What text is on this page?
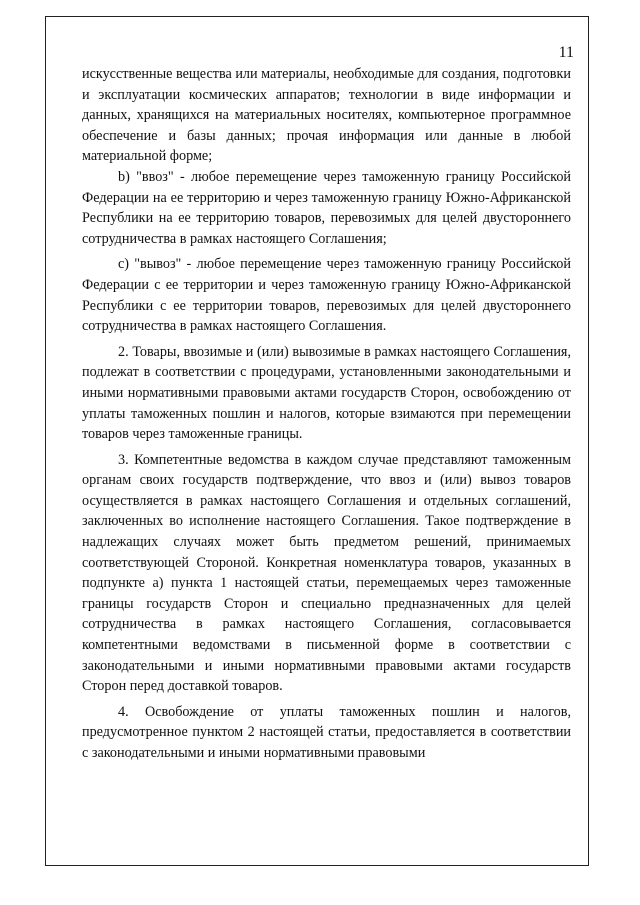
11

искусственные вещества или материалы, необходимые для создания, подготовки и эксплуатации космических аппаратов; технологии в виде информации и данных, хранящихся на материальных носителях, компьютерное программное обеспечение и базы данных; прочая информация или данные в любой материальной форме;

b) "ввоз" - любое перемещение через таможенную границу Российской Федерации на ее территорию и через таможенную границу Южно-Африканской Республики на ее территорию товаров, перевозимых для целей двустороннего сотрудничества в рамках настоящего Соглашения;

c) "вывоз" - любое перемещение через таможенную границу Российской Федерации с ее территории и через таможенную границу Южно-Африканской Республики с ее территории товаров, перевозимых для целей двустороннего сотрудничества в рамках настоящего Соглашения.

2. Товары, ввозимые и (или) вывозимые в рамках настоящего Соглашения, подлежат в соответствии с процедурами, установленными законодательными и иными нормативными правовыми актами государств Сторон, освобождению от уплаты таможенных пошлин и налогов, которые взимаются при перемещении товаров через таможенные границы.

3. Компетентные ведомства в каждом случае представляют таможенным органам своих государств подтверждение, что ввоз и (или) вывоз товаров осуществляется в рамках настоящего Соглашения и отдельных соглашений, заключенных во исполнение настоящего Соглашения. Такое подтверждение в надлежащих случаях может быть предметом решений, принимаемых соответствующей Стороной. Конкретная номенклатура товаров, указанных в подпункте a) пункта 1 настоящей статьи, перемещаемых через таможенные границы государств Сторон и специально предназначенных для целей сотрудничества в рамках настоящего Соглашения, согласовывается компетентными ведомствами в письменной форме в соответствии с законодательными и иными нормативными правовыми актами государств Сторон перед доставкой товаров.

4. Освобождение от уплаты таможенных пошлин и налогов, предусмотренное пунктом 2 настоящей статьи, предоставляется в соответствии с законодательными и иными нормативными правовыми
